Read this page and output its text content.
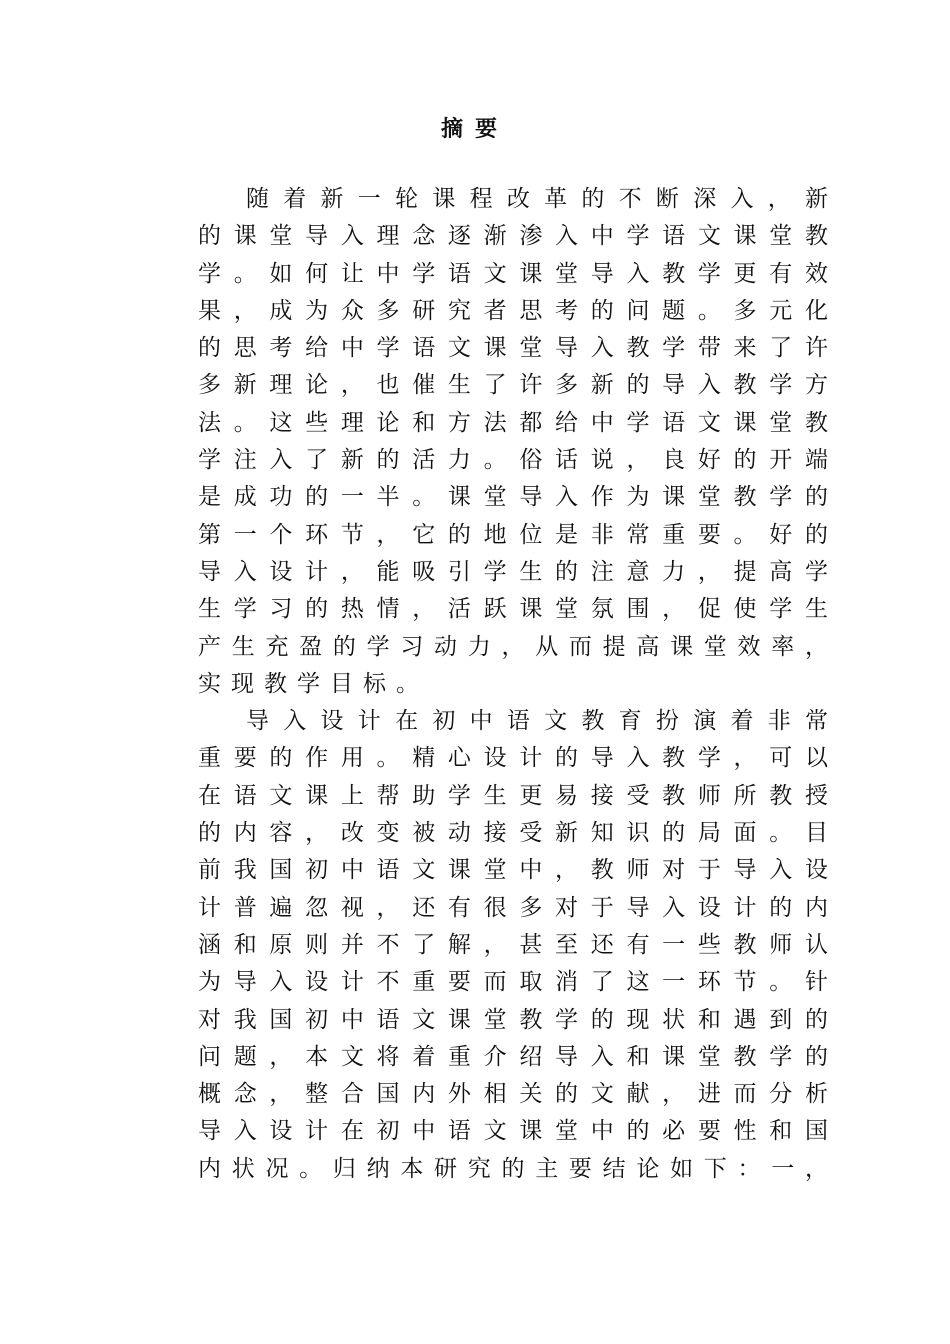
摘要
随 着 新 一 轮 课 程 改 革 的 不 断 深 入 ， 新
的 课 堂 导 入 理 念 逐 渐 渗 入 中 学 语 文 课 堂 教
学 。 如 何 让 中 学 语 文 课 堂 导 入 教 学 更 有 效
果 ， 成 为 众 多 研 究 者 思 考 的 问 题 。 多 元 化
的 思 考 给 中 学 语 文 课 堂 导 入 教 学 带 来 了 许
多 新 理 论 ， 也 催 生 了 许 多 新 的 导 入 教 学 方
法 。 这 些 理 论 和 方 法 都 给 中 学 语 文 课 堂 教
学 注 入 了 新 的 活 力 。 俗 话 说 ， 良 好 的 开 端
是 成 功 的 一 半 。 课 堂 导 入 作 为 课 堂 教 学 的
第 一 个 环 节 ， 它 的 地 位 是 非 常 重 要 。 好 的
导 入 设 计 ， 能 吸 引 学 生 的 注 意 力 ， 提 高 学
生 学 习 的 热 情 ， 活 跃 课 堂 氛 围 ， 促 使 学 生
产 生 充 盈 的 学 习 动 力 ， 从 而 提 高 课 堂 效 率 ，
实 现 教 学 目 标 。
导 入 设 计 在 初 中 语 文 教 育 扮 演 着 非 常
重 要 的 作 用 。 精 心 设 计 的 导 入 教 学 ， 可 以
在 语 文 课 上 帮 助 学 生 更 易 接 受 教 师 所 教 授
的 内 容 ， 改 变 被 动 接 受 新 知 识 的 局 面 。 目
前 我 国 初 中 语 文 课 堂 中 ， 教 师 对 于 导 入 设
计 普 遍 忽 视 ， 还 有 很 多 对 于 导 入 设 计 的 内
涵 和 原 则 并 不 了 解 ， 甚 至 还 有 一 些 教 师 认
为 导 入 设 计 不 重 要 而 取 消 了 这 一 环 节 。 针
对 我 国 初 中 语 文 课 堂 教 学 的 现 状 和 遇 到 的
问 题 ， 本 文 将 着 重 介 绍 导 入 和 课 堂 教 学 的
概 念 ， 整 合 国 内 外 相 关 的 文 献 ， 进 而 分 析
导 入 设 计 在 初 中 语 文 课 堂 中 的 必 要 性 和 国
内 状 况 。 归 纳 本 研 究 的 主 要 结 论 如 下 ： 一 ，
